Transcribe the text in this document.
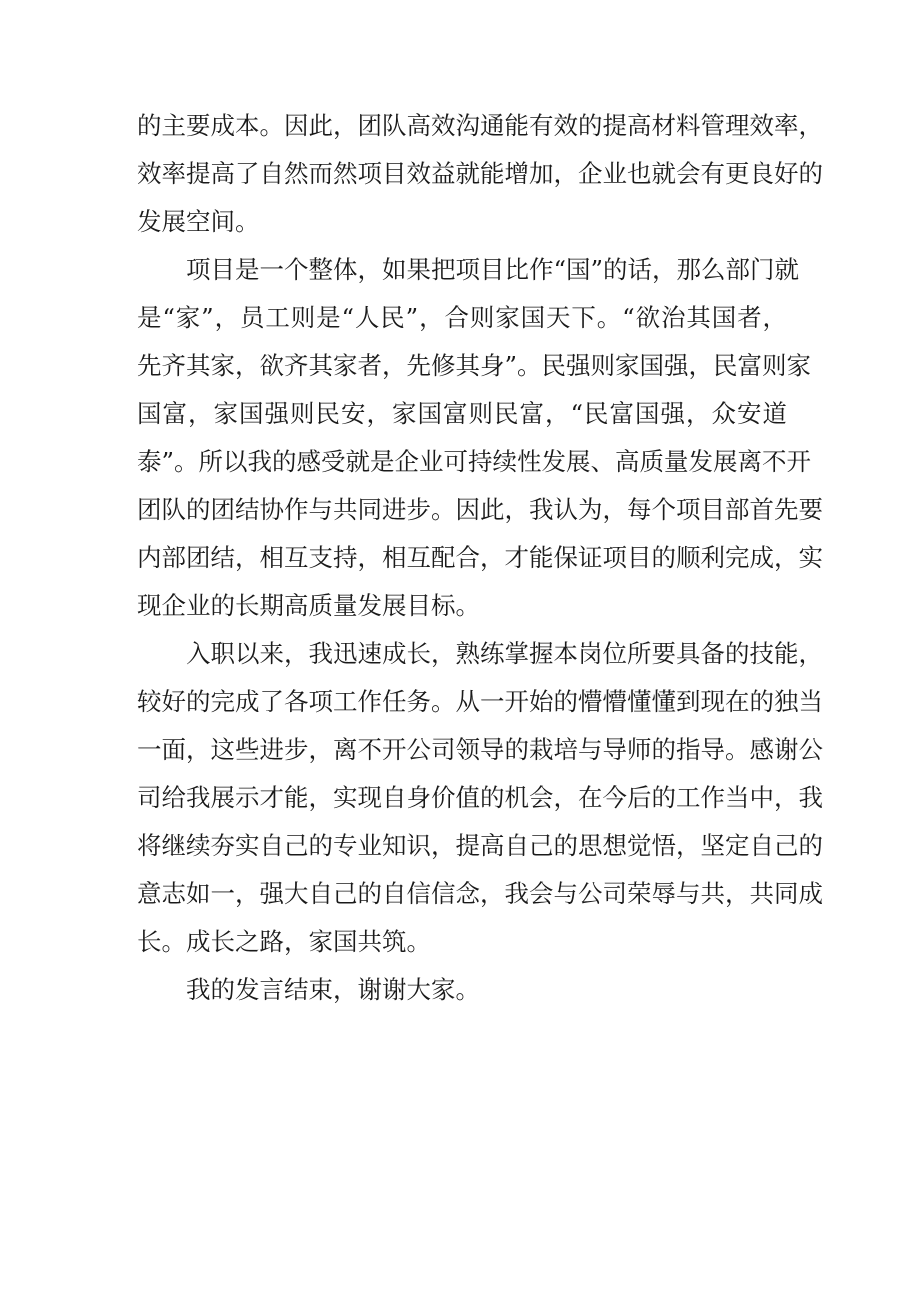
的主要成本。因此，团队高效沟通能有效的提高材料管理效率，
效率提高了自然而然项目效益就能增加，企业也就会有更良好的
发展空间。
项目是一个整体，如果把项目比作“国”的话，那么部门就
是“家”，员工则是“人民”，合则家国天下。“欲治其国者，
先齐其家，欲齐其家者，先修其身”。民强则家国强，民富则家
国富，家国强则民安，家国富则民富，“民富国强，众安道
泰”。所以我的感受就是企业可持续性发展、高质量发展离不开
团队的团结协作与共同进步。因此，我认为，每个项目部首先要
内部团结，相互支持，相互配合，才能保证项目的顺利完成，实
现企业的长期高质量发展目标。
入职以来，我迅速成长，熟练掌握本岗位所要具备的技能，
较好的完成了各项工作任务。从一开始的懵懵懂懂到现在的独当
一面，这些进步，离不开公司领导的栽培与导师的指导。感谢公
司给我展示才能，实现自身价值的机会，在今后的工作当中，我
将继续夯实自己的专业知识，提高自己的思想觉悟，坚定自己的
意志如一，强大自己的自信信念，我会与公司荣辱与共，共同成
长。成长之路，家国共筑。
我的发言结束，谢谢大家。
